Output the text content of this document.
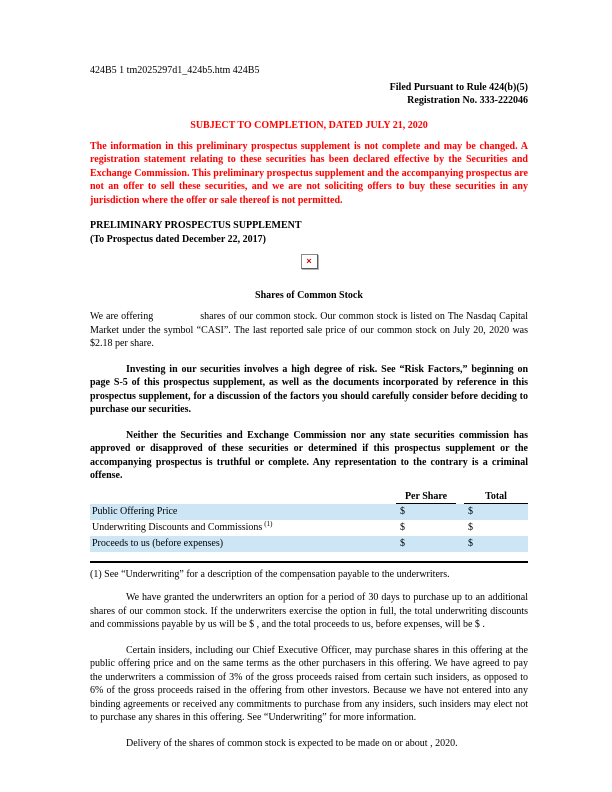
424B5 1 tm2025297d1_424b5.htm 424B5
Filed Pursuant to Rule 424(b)(5)
Registration No. 333-222046
SUBJECT TO COMPLETION, DATED JULY 21, 2020

The information in this preliminary prospectus supplement is not complete and may be changed. A registration statement relating to these securities has been declared effective by the Securities and Exchange Commission. This preliminary prospectus supplement and the accompanying prospectus are not an offer to sell these securities, and we are not soliciting offers to buy these securities in any jurisdiction where the offer or sale thereof is not permitted.

PRELIMINARY PROSPECTUS SUPPLEMENT
(To Prospectus dated December 22, 2017)
×
Shares of Common Stock

We are offering                shares of our common stock. Our common stock is listed on The Nasdaq Capital Market under the symbol “CASI”. The last reported sale price of our common stock on July 20, 2020 was $2.18 per share.

Investing in our securities involves a high degree of risk. See “Risk Factors,” beginning on page S-5 of this prospectus supplement, as well as the documents incorporated by reference in this prospectus supplement, for a discussion of the factors you should carefully consider before deciding to purchase our securities.

Neither the Securities and Exchange Commission nor any state securities commission has approved or disapproved of these securities or determined if this prospectus supplement or the accompanying prospectus is truthful or complete. Any representation to the contrary is a criminal offense.

Per Share	Total
Public Offering Price	$	$
Underwriting Discounts and Commissions $^{(1)}$	$	$
Proceeds to us (before expenses)	$	$

(1) See “Underwriting” for a description of the compensation payable to the underwriters.

We have granted the underwriters an option for a period of 30 days to purchase up to an additional shares of our common stock. If the underwriters exercise the option in full, the total underwriting discounts and commissions payable by us will be $ , and the total proceeds to us, before expenses, will be $ .

Certain insiders, including our Chief Executive Officer, may purchase shares in this offering at the public offering price and on the same terms as the other purchasers in this offering. We have agreed to pay the underwriters a commission of 3% of the gross proceeds raised from certain such insiders, as opposed to 6% of the gross proceeds raised in the offering from other investors. Because we have not entered into any binding agreements or received any commitments to purchase from any insiders, such insiders may elect not to purchase any shares in this offering. See “Underwriting” for more information.

Delivery of the shares of common stock is expected to be made on or about , 2020.
